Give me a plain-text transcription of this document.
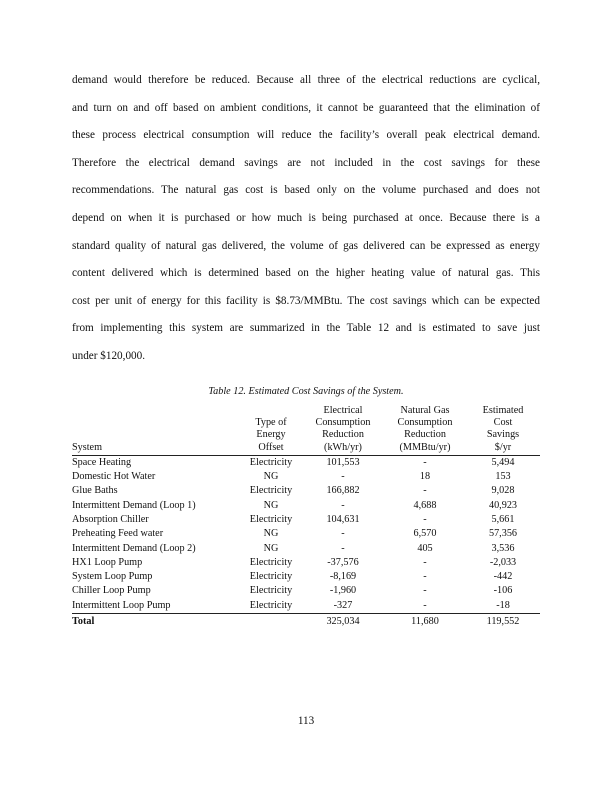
demand would therefore be reduced. Because all three of the electrical reductions are cyclical,
and turn on and off based on ambient conditions, it cannot be guaranteed that the elimination of
these process electrical consumption will reduce the facility’s overall peak electrical demand.
Therefore the electrical demand savings are not included in the cost savings for these
recommendations. The natural gas cost is based only on the volume purchased and does not
depend on when it is purchased or how much is being purchased at once. Because there is a
standard quality of natural gas delivered, the volume of gas delivered can be expressed as energy
content delivered which is determined based on the higher heating value of natural gas. This
cost per unit of energy for this facility is $8.73/MMBtu. The cost savings which can be expected
from implementing this system are summarized in the Table 12 and is estimated to save just
under $120,000.
Table 12. Estimated Cost Savings of the System.
System	Type of
Energy
Offset	Electrical
Consumption
Reduction
(kWh/yr)	Natural Gas
Consumption
Reduction
(MMBtu/yr)	Estimated
Cost
Savings
$/yr
Space Heating	Electricity	101,553	-	5,494
Domestic Hot Water	NG	-	18	153
Glue Baths	Electricity	166,882	-	9,028
Intermittent Demand (Loop 1)	NG	-	4,688	40,923
Absorption Chiller	Electricity	104,631	-	5,661
Preheating Feed water	NG	-	6,570	57,356
Intermittent Demand (Loop 2)	NG	-	405	3,536
HX1 Loop Pump	Electricity	-37,576	-	-2,033
System Loop Pump	Electricity	-8,169	-	-442
Chiller Loop Pump	Electricity	-1,960	-	-106
Intermittent Loop Pump	Electricity	-327	-	-18
Total		325,034	11,680	119,552
113
